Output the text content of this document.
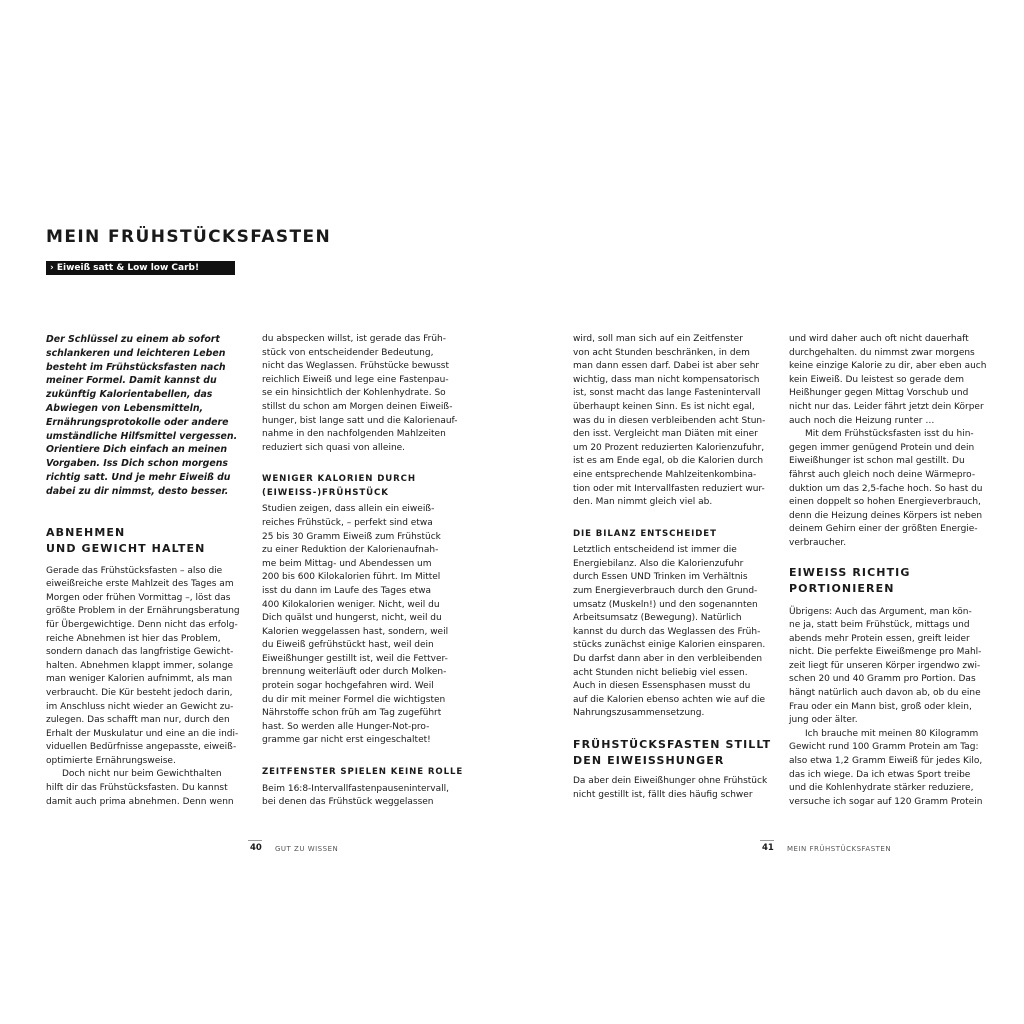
MEIN FRÜHSTÜCKSFASTEN
› Eiweiß satt & Low low Carb!

Der Schlüssel zu einem ab sofort

schlankeren und leichteren Leben

besteht im Frühstücksfasten nach

meiner Formel. Damit kannst du

zukünftig Kalorientabellen, das

Abwiegen von Lebensmitteln,

Ernährungsprotokolle oder andere

umständliche Hilfsmittel vergessen.

Orientiere Dich einfach an meinen

Vorgaben. Iss Dich schon morgens

richtig satt. Und je mehr Eiweiß du

dabei zu dir nimmst, desto besser.

ABNEHMEN

UND GEWICHT HALTEN

Gerade das Frühstücksfasten – also die

eiweißreiche erste Mahlzeit des Tages am

Morgen oder frühen Vormittag –, löst das

größte Problem in der Ernährungsberatung

für Übergewichtige. Denn nicht das erfolg-

reiche Abnehmen ist hier das Problem,

sondern danach das langfristige Gewicht-

halten. Abnehmen klappt immer, solange

man weniger Kalorien aufnimmt, als man

verbraucht. Die Kür besteht jedoch darin,

im Anschluss nicht wieder an Gewicht zu-

zulegen. Das schafft man nur, durch den

Erhalt der Muskulatur und eine an die indi-

viduellen Bedürfnisse angepasste, eiweiß-

optimierte Ernährungsweise.

Doch nicht nur beim Gewichthalten

hilft dir das Frühstücksfasten. Du kannst

damit auch prima abnehmen. Denn wenn

du abspecken willst, ist gerade das Früh-

stück von entscheidender Bedeutung,

nicht das Weglassen. Frühstücke bewusst

reichlich Eiweiß und lege eine Fastenpau-

se ein hinsichtlich der Kohlenhydrate. So

stillst du schon am Morgen deinen Eiweiß-

hunger, bist lange satt und die Kalorienauf-

nahme in den nachfolgenden Mahlzeiten

reduziert sich quasi von alleine.

WENIGER KALORIEN DURCH

(EIWEISS-)FRÜHSTÜCK

Studien zeigen, dass allein ein eiweiß-

reiches Frühstück, – perfekt sind etwa

25 bis 30 Gramm Eiweiß zum Frühstück

zu einer Reduktion der Kalorienaufnah-

me beim Mittag- und Abendessen um

200 bis 600 Kilokalorien führt. Im Mittel

isst du dann im Laufe des Tages etwa

400 Kilokalorien weniger. Nicht, weil du

Dich quälst und hungerst, nicht, weil du

Kalorien weggelassen hast, sondern, weil

du Eiweiß gefrühstückt hast, weil dein

Eiweißhunger gestillt ist, weil die Fettver-

brennung weiterläuft oder durch Molken-

protein sogar hochgefahren wird. Weil

du dir mit meiner Formel die wichtigsten

Nährstoffe schon früh am Tag zugeführt

hast. So werden alle Hunger-Not-pro-

gramme gar nicht erst eingeschaltet!

ZEITFENSTER SPIELEN KEINE ROLLE

Beim 16:8-Intervallfastenpausenintervall,

bei denen das Frühstück weggelassen

wird, soll man sich auf ein Zeitfenster

von acht Stunden beschränken, in dem

man dann essen darf. Dabei ist aber sehr

wichtig, dass man nicht kompensatorisch

ist, sonst macht das lange Fastenintervall

überhaupt keinen Sinn. Es ist nicht egal,

was du in diesen verbleibenden acht Stun-

den isst. Vergleicht man Diäten mit einer

um 20 Prozent reduzierten Kalorienzufuhr,

ist es am Ende egal, ob die Kalorien durch

eine entsprechende Mahlzeitenkombina-

tion oder mit Intervallfasten reduziert wur-

den. Man nimmt gleich viel ab.

DIE BILANZ ENTSCHEIDET

Letztlich entscheidend ist immer die

Energiebilanz. Also die Kalorienzufuhr

durch Essen UND Trinken im Verhältnis

zum Energieverbrauch durch den Grund-

umsatz (Muskeln!) und den sogenannten

Arbeitsumsatz (Bewegung). Natürlich

kannst du durch das Weglassen des Früh-

stücks zunächst einige Kalorien einsparen.

Du darfst dann aber in den verbleibenden

acht Stunden nicht beliebig viel essen.

Auch in diesen Essensphasen musst du

auf die Kalorien ebenso achten wie auf die

Nahrungszusammensetzung.

FRÜHSTÜCKSFASTEN STILLT

DEN EIWEISSHUNGER

Da aber dein Eiweißhunger ohne Frühstück

nicht gestillt ist, fällt dies häufig schwer

und wird daher auch oft nicht dauerhaft

durchgehalten. du nimmst zwar morgens

keine einzige Kalorie zu dir, aber eben auch

kein Eiweiß. Du leistest so gerade dem

Heißhunger gegen Mittag Vorschub und

nicht nur das. Leider fährt jetzt dein Körper

auch noch die Heizung runter …

Mit dem Frühstücksfasten isst du hin-

gegen immer genügend Protein und dein

Eiweißhunger ist schon mal gestillt. Du

fährst auch gleich noch deine Wärmepro-

duktion um das 2,5-fache hoch. So hast du

einen doppelt so hohen Energieverbrauch,

denn die Heizung deines Körpers ist neben

deinem Gehirn einer der größten Energie-

verbraucher.

EIWEISS RICHTIG

PORTIONIEREN

Übrigens: Auch das Argument, man kön-

ne ja, statt beim Frühstück, mittags und

abends mehr Protein essen, greift leider

nicht. Die perfekte Eiweißmenge pro Mahl-

zeit liegt für unseren Körper irgendwo zwi-

schen 20 und 40 Gramm pro Portion. Das

hängt natürlich auch davon ab, ob du eine

Frau oder ein Mann bist, groß oder klein,

jung oder älter.

Ich brauche mit meinen 80 Kilogramm

Gewicht rund 100 Gramm Protein am Tag:

also etwa 1,2 Gramm Eiweiß für jedes Kilo,

das ich wiege. Da ich etwas Sport treibe

und die Kohlenhydrate stärker reduziere,

versuche ich sogar auf 120 Gramm Protein

40 GUT ZU WISSEN	41 MEIN FRÜHSTÜCKSFASTEN
